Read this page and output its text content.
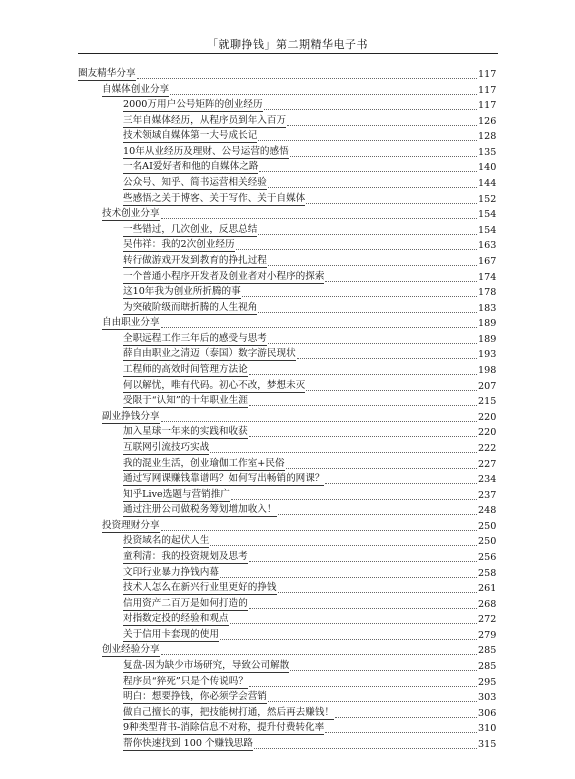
「就聊挣钱」第二期精华电子书
圈友精华分享	117
自媒体创业分享	117
2000万用户公号矩阵的创业经历	117
三年自媒体经历，从程序员到年入百万	126
技术领域自媒体第一大号成长记	128
10年从业经历及理财、公号运营的感悟	135
一名AI爱好者和他的自媒体之路	140
公众号、知乎、简书运营相关经验	144
些感悟之关于博客、关于写作、关于自媒体	152
技术创业分享	154
一些错过，几次创业，反思总结	154
吴伟祥：我的2次创业经历	163
转行做游戏开发到教育的挣扎过程	167
一个普通小程序开发者及创业者对小程序的探索	174
这10年我为创业所折腾的事	178
为突破阶级而瞎折腾的人生视角	183
自由职业分享	189
全职远程工作三年后的感受与思考	189
薛自由职业之清迈（泰国）数字游民现状	193
工程师的高效时间管理方法论	198
何以解忧，唯有代码。初心不改，梦想未灭	207
受限于“认知”的十年职业生涯	215
副业挣钱分享	220
加入星球一年来的实践和收获	220
互联网引流技巧实战	222
我的混业生活，创业瑜伽工作室+民俗	227
通过写网课赚钱靠谱吗？如何写出畅销的网课？	234
知乎Live选题与营销推广	237
通过注册公司做税务筹划增加收入！	248
投资理财分享	250
投资域名的起伏人生	250
童利清：我的投资规划及思考	256
文印行业暴力挣钱内幕	258
技术人怎么在新兴行业里更好的挣钱	261
信用资产二百万是如何打造的	268
对指数定投的经验和观点	272
关于信用卡套现的使用	279
创业经验分享	285
复盘-因为缺少市场研究，导致公司解散	285
程序员“猝死”只是个传说吗？	295
明白：想要挣钱，你必须学会营销	303
做自己擅长的事，把技能树打通，然后再去赚钱！	306
9种类型背书-消除信息不对称，提升付费转化率	310
帮你快速找到 100 个赚钱思路	315
